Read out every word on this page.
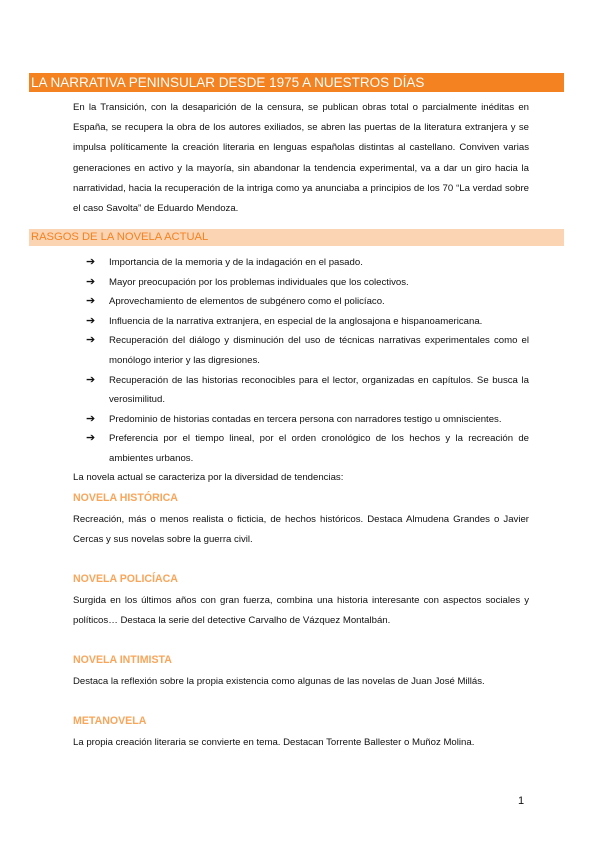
LA NARRATIVA PENINSULAR DESDE 1975 A NUESTROS DÍAS

En la Transición, con la desaparición de la censura, se publican obras total o parcialmente inéditas en España, se recupera la obra de los autores exiliados, se abren las puertas de la literatura extranjera y se impulsa políticamente la creación literaria en lenguas españolas distintas al castellano. Conviven varias generaciones en activo y la mayoría, sin abandonar la tendencia experimental, va a dar un giro hacia la narratividad, hacia la recuperación de la intriga como ya anunciaba a principios de los 70 “La verdad sobre el caso Savolta” de Eduardo Mendoza.

RASGOS DE LA NOVELA ACTUAL
➔ Importancia de la memoria y de la indagación en el pasado.
➔ Mayor preocupación por los problemas individuales que los colectivos.
➔ Aprovechamiento de elementos de subgénero como el policíaco.
➔ Influencia de la narrativa extranjera, en especial de la anglosajona e hispanoamericana.
➔ Recuperación del diálogo y disminución del uso de técnicas narrativas experimentales como el monólogo interior y las digresiones.
➔ Recuperación de las historias reconocibles para el lector, organizadas en capítulos. Se busca la verosimilitud.
➔ Predominio de historias contadas en tercera persona con narradores testigo u omniscientes.
➔ Preferencia por el tiempo lineal, por el orden cronológico de los hechos y la recreación de ambientes urbanos.

La novela actual se caracteriza por la diversidad de tendencias:

NOVELA HISTÓRICA

Recreación, más o menos realista o ficticia, de hechos históricos. Destaca Almudena Grandes o Javier Cercas y sus novelas sobre la guerra civil.

NOVELA POLICÍACA

Surgida en los últimos años con gran fuerza, combina una historia interesante con aspectos sociales y políticos… Destaca la serie del detective Carvalho de Vázquez Montalbán.

NOVELA INTIMISTA

Destaca la reflexión sobre la propia existencia como algunas de las novelas de Juan José Millás.

METANOVELA

La propia creación literaria se convierte en tema. Destacan Torrente Ballester o Muñoz Molina.

1
